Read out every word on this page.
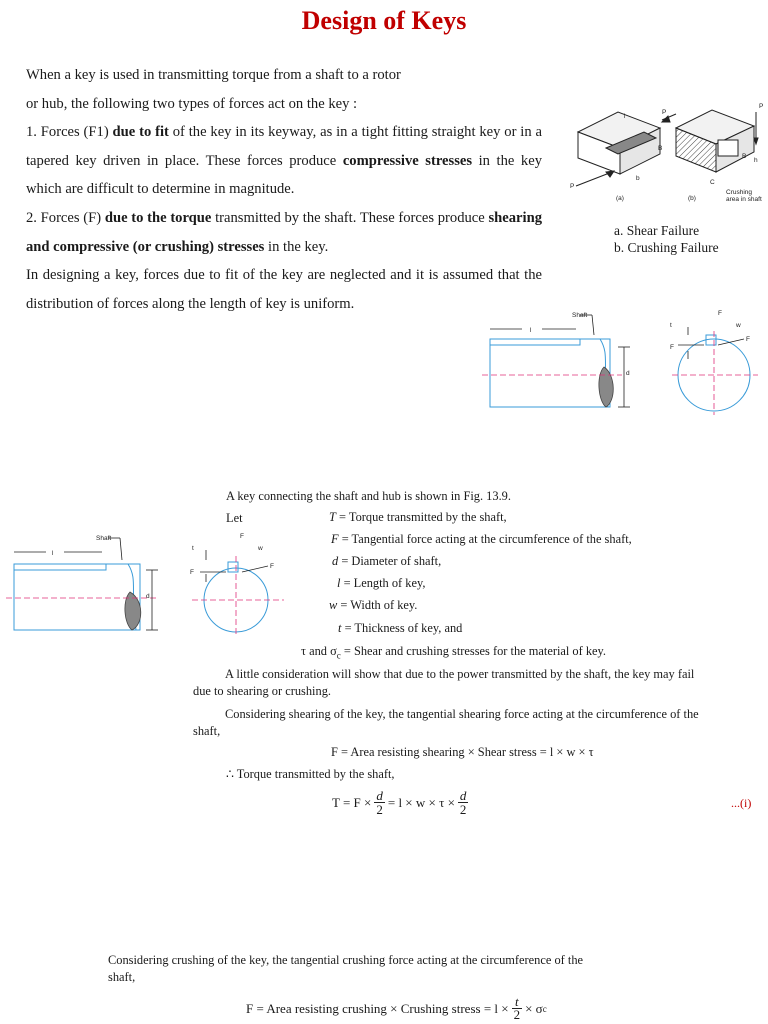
Design of Keys
When a key is used in transmitting torque from a shaft to a rotor
or hub, the following two types of forces act on the key :
1. Forces (F1) due to fit of the key in its keyway, as in a tight fitting straight key or in a tapered key driven in place. These forces produce compressive stresses in the key which are difficult to determine in magnitude.
2. Forces (F) due to the torque transmitted by the shaft. These forces produce shearing and compressive (or crushing) stresses in the key.
In designing a key, forces due to fit of the key are neglected and it is assumed that the distribution of forces along the length of key is uniform.
P
B
l
b
P
(a)
P
B
h
(b)
C
Crushing
area in shaft
a. Shear Failure
b. Crushing Failure
Shaft
l
d
F
F
F
t	w
Shaft
l
d
F
F
F
t	w
A key connecting the shaft and hub is shown in Fig. 13.9.
Let	T = Torque transmitted by the shaft,
F = Tangential force acting at the circumference of the shaft,
d = Diameter of shaft,
l = Length of key,
w = Width of key.
t = Thickness of key, and
τ and $\sigma_c$ = Shear and crushing stresses for the material of key.
A little consideration will show that due to the power transmitted by the shaft, the key may fail
due to shearing or crushing.
Considering shearing of the key, the tangential shearing force acting at the circumference of the
shaft,
F = Area resisting shearing × Shear stress = l × w × τ
∴ Torque transmitted by the shaft,
$T = F \times \frac{d}{2} = l \times w \times \tau \times \frac{d}{2}$	...(i)
Considering crushing of the key, the tangential crushing force acting at the circumference of the
shaft,
F = Area resisting crushing × Crushing stress = $l \times \frac{t}{2} \times \sigma$ c
